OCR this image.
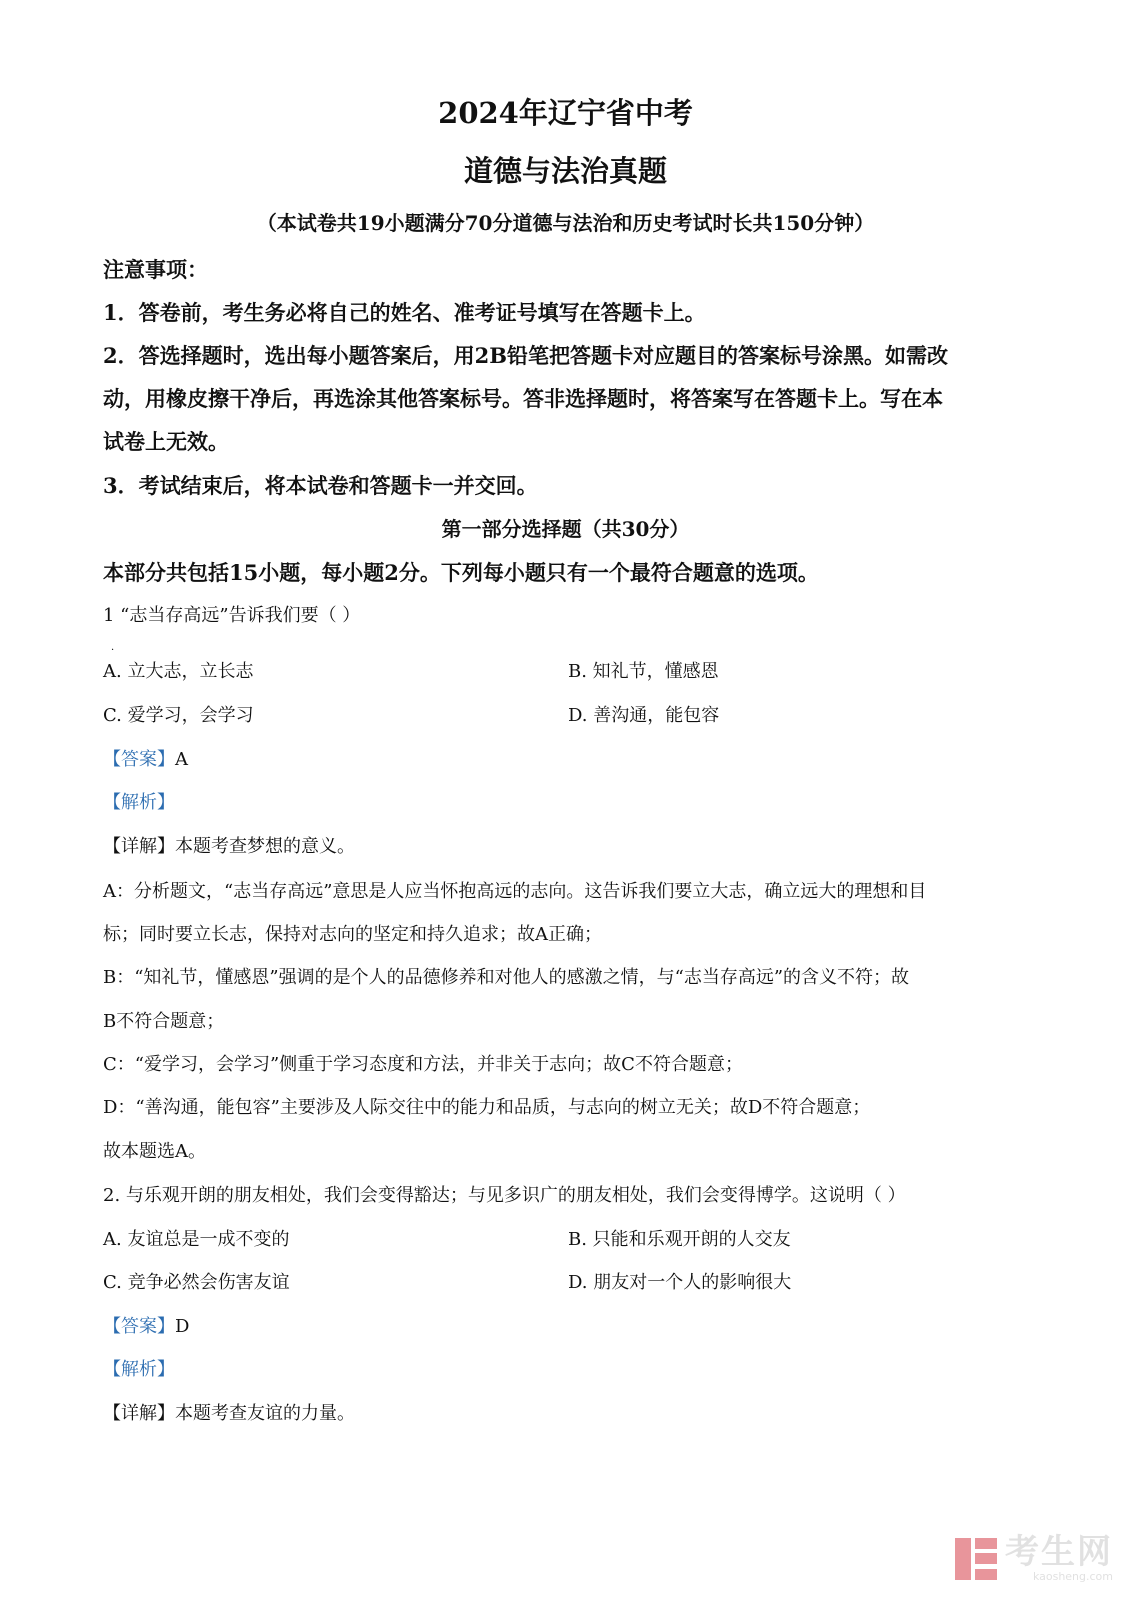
2024年辽宁省中考
道德与法治真题
（本试卷共19小题满分70分道德与法治和历史考试时长共150分钟）
注意事项：
1．答卷前，考生务必将自己的姓名、准考证号填写在答题卡上。
2．答选择题时，选出每小题答案后，用2B铅笔把答题卡对应题目的答案标号涂黑。如需改
动，用橡皮擦干净后，再选涂其他答案标号。答非选择题时，将答案写在答题卡上。写在本
试卷上无效。
3．考试结束后，将本试卷和答题卡一并交回。
第一部分选择题（共30分）
本部分共包括15小题，每小题2分。下列每小题只有一个最符合题意的选项。
1 “志当存高远”告诉我们要（ ）
·
A. 立大志，立长志	B. 知礼节，懂感恩
C. 爱学习，会学习	D. 善沟通，能包容
【答案】A
【解析】
【详解】本题考查梦想的意义。
A：分析题文，“志当存高远”意思是人应当怀抱高远的志向。这告诉我们要立大志，确立远大的理想和目
标；同时要立长志，保持对志向的坚定和持久追求；故A正确；
B：“知礼节，懂感恩”强调的是个人的品德修养和对他人的感激之情，与“志当存高远”的含义不符；故
B不符合题意；
C：“爱学习，会学习”侧重于学习态度和方法，并非关于志向；故C不符合题意；
D：“善沟通，能包容”主要涉及人际交往中的能力和品质，与志向的树立无关；故D不符合题意；
故本题选A。
2. 与乐观开朗的朋友相处，我们会变得豁达；与见多识广的朋友相处，我们会变得博学。这说明（ ）
A. 友谊总是一成不变的	B. 只能和乐观开朗的人交友
C. 竞争必然会伤害友谊	D. 朋友对一个人的影响很大
【答案】D
【解析】
【详解】本题考查友谊的力量。
考生网
kaosheng.com
